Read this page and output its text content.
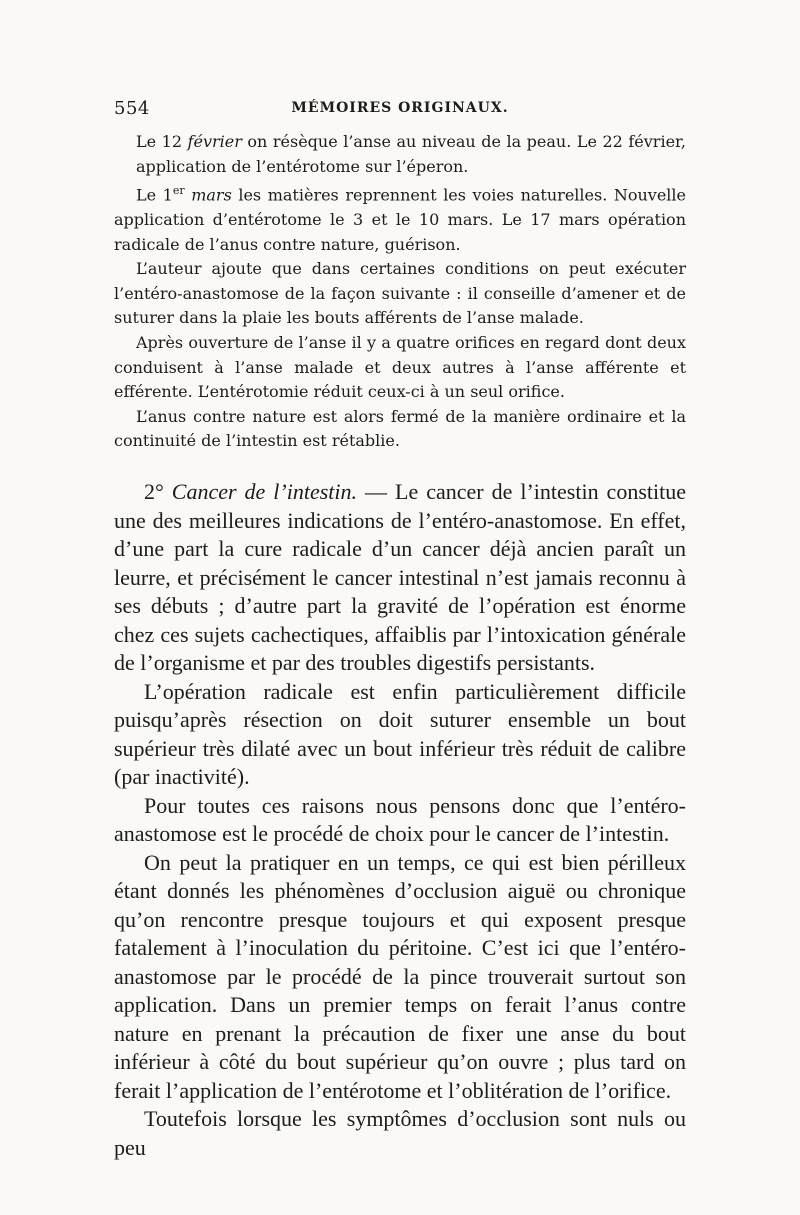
554	MÉMOIRES ORIGINAUX.

Le 12 février on résèque l’anse au niveau de la peau. Le 22 février, application de l’entérotome sur l’éperon.

Le 1er mars les matières reprennent les voies naturelles. Nouvelle application d’entérotome le 3 et le 10 mars. Le 17 mars opération radicale de l’anus contre nature, guérison.

L’auteur ajoute que dans certaines conditions on peut exécuter l’entéro-anastomose de la façon suivante : il conseille d’amener et de suturer dans la plaie les bouts afférents de l’anse malade.

Après ouverture de l’anse il y a quatre orifices en regard dont deux conduisent à l’anse malade et deux autres à l’anse afférente et efférente. L’entérotomie réduit ceux-ci à un seul orifice.

L’anus contre nature est alors fermé de la manière ordinaire et la continuité de l’intestin est rétablie.

2° Cancer de l’intestin. — Le cancer de l’intestin constitue une des meilleures indications de l’entéro-anastomose. En effet, d’une part la cure radicale d’un cancer déjà ancien paraît un leurre, et précisément le cancer intestinal n’est jamais reconnu à ses débuts ; d’autre part la gravité de l’opération est énorme chez ces sujets cachectiques, affaiblis par l’intoxication générale de l’organisme et par des troubles digestifs persistants.

L’opération radicale est enfin particulièrement difficile puisqu’après résection on doit suturer ensemble un bout supérieur très dilaté avec un bout inférieur très réduit de calibre (par inactivité).

Pour toutes ces raisons nous pensons donc que l’entéro-anastomose est le procédé de choix pour le cancer de l’intestin.

On peut la pratiquer en un temps, ce qui est bien périlleux étant donnés les phénomènes d’occlusion aiguë ou chronique qu’on rencontre presque toujours et qui exposent presque fatalement à l’inoculation du péritoine. C’est ici que l’entéro-anastomose par le procédé de la pince trouverait surtout son application. Dans un premier temps on ferait l’anus contre nature en prenant la précaution de fixer une anse du bout inférieur à côté du bout supérieur qu’on ouvre ; plus tard on ferait l’application de l’entérotome et l’oblitération de l’orifice.

Toutefois lorsque les symptômes d’occlusion sont nuls ou peu
